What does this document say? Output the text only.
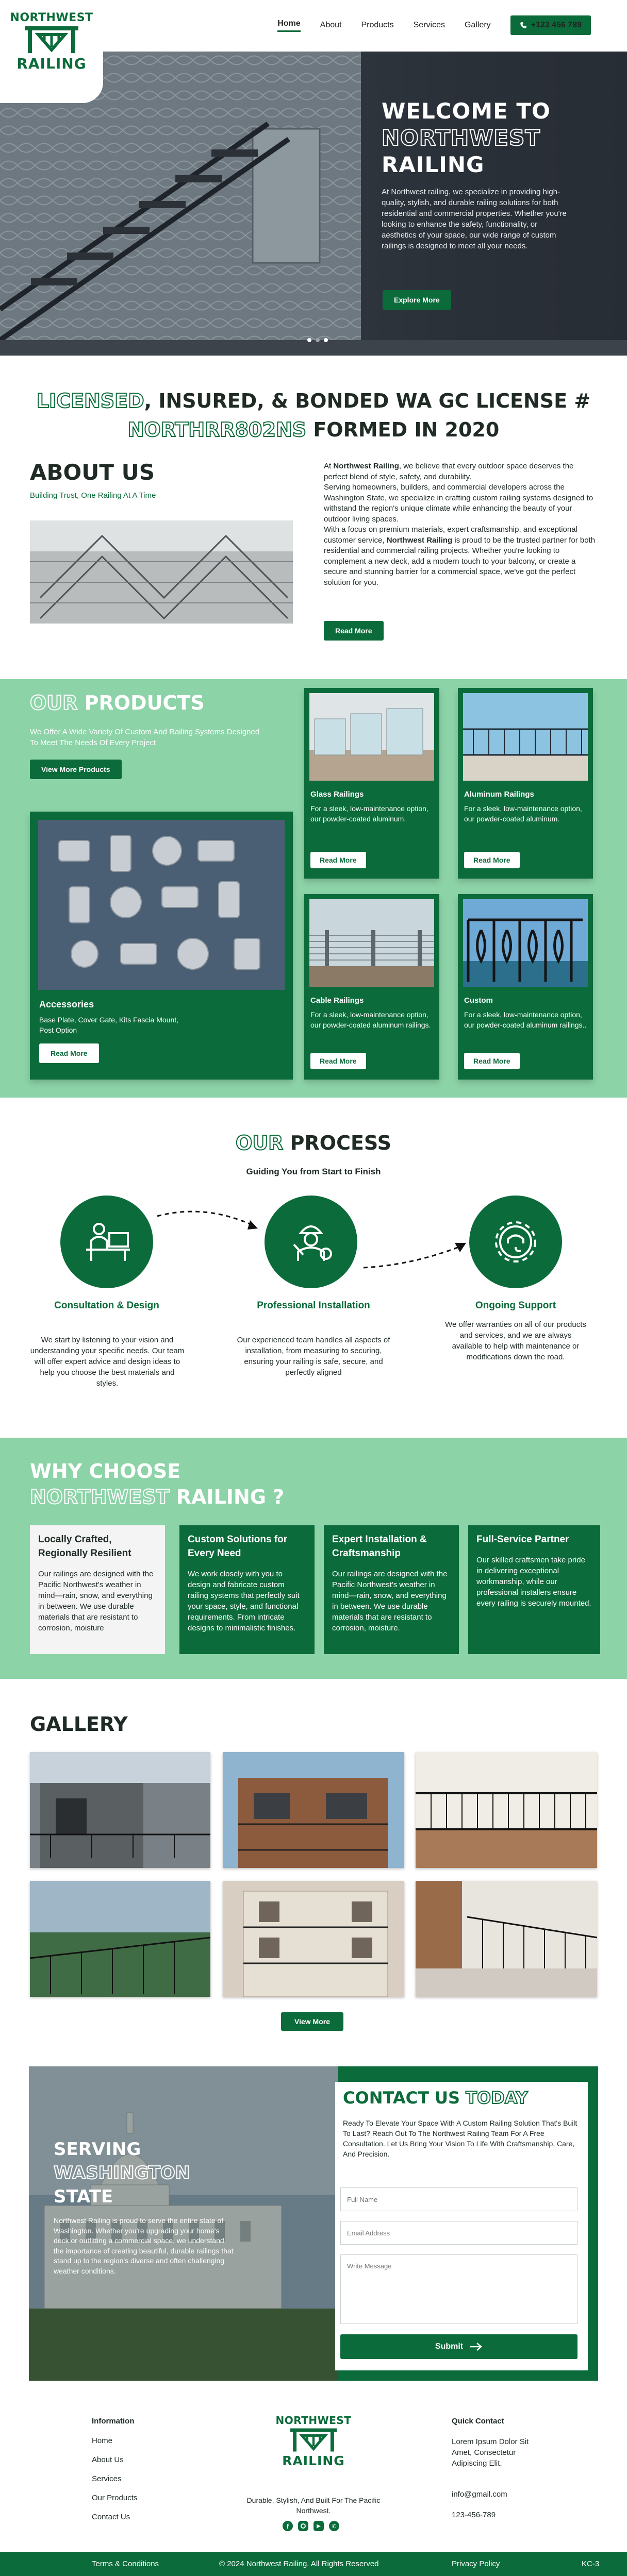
NORTHWEST
RAILING
Home About Products Services Gallery	+123 456 789
WELCOME TO
NORTHWEST
RAILING
At Northwest railing, we specialize in providing high-quality, stylish, and durable railing solutions for both residential and commercial properties. Whether you're looking to enhance the safety, functionality, or aesthetics of your space, our wide range of custom railings is designed to meet all your needs.
Explore More
LICENSED, INSURED, & BONDED WA GC LICENSE #
NORTHRR802NS FORMED IN 2020
ABOUT US
Building Trust, One Railing At A Time

At Northwest Railing, we believe that every outdoor space deserves the perfect blend of style, safety, and durability.

Serving homeowners, builders, and commercial developers across the Washington State, we specialize in crafting custom railing systems designed to withstand the region's unique climate while enhancing the beauty of your outdoor living spaces.

With a focus on premium materials, expert craftsmanship, and exceptional customer service, Northwest Railing is proud to be the trusted partner for both residential and commercial railing projects. Whether you're looking to complement a new deck, add a modern touch to your balcony, or create a secure and stunning barrier for a commercial space, we've got the perfect solution for you.

Read More
OUR PRODUCTS
We Offer A Wide Variety Of Custom And Railing Systems Designed To Meet The Needs Of Every Project
View More Products
Accessories
Base Plate, Cover Gate, Kits Fascia Mount, Post Option
Read More
Glass Railings
For a sleek, low-maintenance option, our powder-coated aluminum.
Read More
Aluminum Railings
For a sleek, low-maintenance option, our powder-coated aluminum.
Read More
Cable Railings
For a sleek, low-maintenance option, our powder-coated aluminum railings.
Read More
Custom
For a sleek, low-maintenance option, our powder-coated aluminum railings..
Read More
OUR PROCESS
Guiding You from Start to Finish
Consultation & Design
We start by listening to your vision and understanding your specific needs. Our team will offer expert advice and design ideas to help you choose the best materials and styles.
Professional Installation
Our experienced team handles all aspects of installation, from measuring to securing, ensuring your railing is safe, secure, and perfectly aligned
Ongoing Support
We offer warranties on all of our products and services, and we are always available to help with maintenance or modifications down the road.
WHY CHOOSE
NORTHWEST RAILING ?
Locally Crafted, Regionally Resilient
Our railings are designed with the Pacific Northwest's weather in mind—rain, snow, and everything in between. We use durable materials that are resistant to corrosion, moisture
Custom Solutions for Every Need
We work closely with you to design and fabricate custom railing systems that perfectly suit your space, style, and functional requirements. From intricate designs to minimalistic finishes.
Expert Installation & Craftsmanship
Our railings are designed with the Pacific Northwest's weather in mind—rain, snow, and everything in between. We use durable materials that are resistant to corrosion, moisture.
Full-Service Partner
Our skilled craftsmen take pride in delivering exceptional workmanship, while our professional installers ensure every railing is securely mounted.
GALLERY
View More
SERVING
WASHINGTON
STATE
Northwest Railing is proud to serve the entire state of Washington. Whether you're upgrading your home's deck or outfitting a commercial space, we understand the importance of creating beautiful, durable railings that stand up to the region's diverse and often challenging weather conditions.
CONTACT US TODAY
Ready To Elevate Your Space With A Custom Railing Solution That's Built To Last? Reach Out To The Northwest Railing Team For A Free Consultation. Let Us Bring Your Vision To Life With Craftsmanship, Care, And Precision.
Full Name
Email Address
Write Message
Submit
Information
Home
About Us
Services
Our Products
Contact Us
NORTHWEST
RAILING
Durable, Stylish, And Built For The Pacific Northwest.
f	▶	✆
Quick Contact
Lorem Ipsum Dolor Sit Amet, Consectetur Adipiscing Elit.
info@gmail.com
123-456-789
Terms & Conditions	© 2024 Northwest Railing. All Rights Reserved	Privacy Policy	KC-3
